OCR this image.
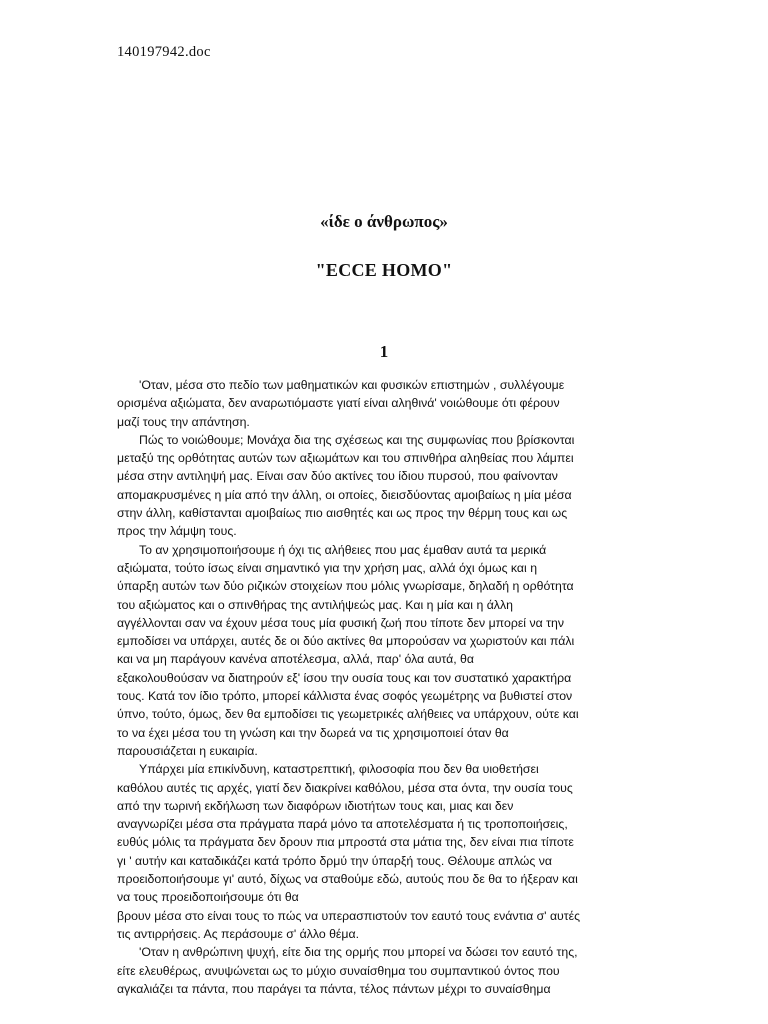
140197942.doc

«ίδε ο άνθρωπος»
"ECCE HOMO"
1
'Οταν, μέσα στο πεδίο των μαθηματικών και φυσικών επιστημών , συλλέγουμε
ορισμένα αξιώματα, δεν αναρωτιόμαστε γιατί είναι αληθινά' νοιώθουμε ότι φέρουν
μαζί τους την απάντηση.
Πώς το νοιώθουμε; Μονάχα δια της σχέσεως και της συμφωνίας που βρίσκονται
μεταξύ της ορθότητας αυτών των αξιωμάτων και του σπινθήρα αληθείας που λάμπει
μέσα στην αντιληψή μας. Είναι σαν δύο ακτίνες του ίδιου πυρσού, που φαίνονταν
απομακρυσμένες η μία από την άλλη, οι οποίες, διεισδύοντας αμοιβαίως η μία μέσα
στην άλλη, καθίστανται αμοιβαίως πιο αισθητές και ως προς την θέρμη τους και ως
προς την λάμψη τους.
Το αν χρησιμοποιήσουμε ή όχι τις αλήθειες που μας έμαθαν αυτά τα μερικά
αξιώματα, τούτο ίσως είναι σημαντικό για την χρήση μας, αλλά όχι όμως και η
ύπαρξη αυτών των δύο ριζικών στοιχείων που μόλις γνωρίσαμε, δηλαδή η ορθότητα
του αξιώματος και ο σπινθήρας της αντιλήψεώς μας. Και η μία και η άλλη
αγγέλλονται σαν να έχουν μέσα τους μία φυσική ζωή που τίποτε δεν μπορεί να την
εμποδίσει να υπάρχει, αυτές δε οι δύο ακτίνες θα μπορούσαν να χωριστούν και πάλι
και να μη παράγουν κανένα αποτέλεσμα, αλλά, παρ' όλα αυτά, θα
εξακολουθούσαν να διατηρούν εξ' ίσου την ουσία τους και τον συστατικό χαρακτήρα
τους. Κατά τον ίδιο τρόπο, μπορεί κάλλιστα ένας σοφός γεωμέτρης να βυθιστεί στον
ύπνο, τούτο, όμως, δεν θα εμποδίσει τις γεωμετρικές αλήθειες να υπάρχουν, ούτε και
το να έχει μέσα του τη γνώση και την δωρεά να τις χρησιμοποιεί όταν θα
παρουσιάζεται η ευκαιρία.
Υπάρχει μία επικίνδυνη, καταστρεπτική, φιλοσοφία που δεν θα υιοθετήσει
καθόλου αυτές τις αρχές, γιατί δεν διακρίνει καθόλου, μέσα στα όντα, την ουσία τους
από την τωρινή εκδήλωση των διαφόρων ιδιοτήτων τους και, μιας και δεν
αναγνωρίζει μέσα στα πράγματα παρά μόνο τα αποτελέσματα ή τις τροποποιήσεις,
ευθύς μόλις τα πράγματα δεν δρουν πια μπροστά στα μάτια της, δεν είναι πια τίποτε
γι ' αυτήν και καταδικάζει κατά τρόπο δρμύ την ύπαρξή τους. Θέλουμε απλώς να
προειδοποιήσουμε γι' αυτό, δίχως να σταθούμε εδώ, αυτούς που δε θα το ήξεραν και
να τους προειδοποιήσουμε ότι θα
βρουν μέσα στο είναι τους το πώς να υπερασπιστούν τον εαυτό τους ενάντια σ' αυτές
τις αντιρρήσεις. Ας περάσουμε σ' άλλο θέμα.
'Οταν η ανθρώπινη ψυχή, είτε δια της ορμής που μπορεί να δώσει τον εαυτό της,
είτε ελευθέρως, ανυψώνεται ως το μύχιο συναίσθημα του συμπαντικού όντος που
αγκαλιάζει τα πάντα, που παράγει τα πάντα, τέλος πάντων μέχρι το συναίσθημα
